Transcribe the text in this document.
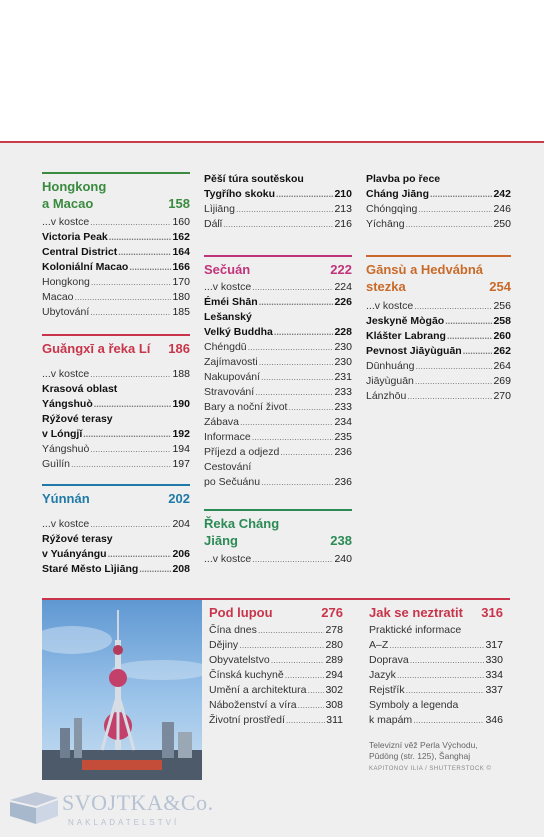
Hongkong
a Macao	158
...v kostce .....	160
Victoria Peak .....	162
Central District .....	164
Koloniální Macao .....	166
Hongkong .....	170
Macao .....	180
Ubytování .....	185
Guǎngxī a řeka Lí 186
...v kostce .....	188
Krasová oblast
Yángshuò .....	190
Rýžové terasy
v Lóngjǐ .....	192
Yángshuò .....	194
Guìlín .....	197
Yúnnán	202
...v kostce .....	204
Rýžové terasy
v Yuányángu .....	206
Staré Město Lìjiāng .....	208
Pěší túra soutěskou
Tygřího skoku .....	210
Lìjiāng .....	213
Dálǐ .....	216
Sečuán	222
...v kostce .....	224
Éméi Shān .....	226
Lešanský
Velký Buddha .....	228
Chéngdū .....	230
Zajímavosti .....	230
Nakupování .....	231
Stravování .....	233
Bary a noční život .....	233
Zábava .....	234
Informace .....	235
Příjezd a odjezd .....	236
Cestování
po Sečuánu .....	236
Řeka Cháng
Jiāng	238
...v kostce .....	240
Plavba po řece
Cháng Jiāng .....	242
Chóngqìng .....	246
Yíchāng .....	250
Gānsù a Hedvábná
stezka	254
...v kostce .....	256
Jeskyně Mògāo .....	258
Klášter Labrang .....	260
Pevnost Jiāyùguān .....	262
Dūnhuáng .....	264
Jiāyùguān .....	269
Lánzhōu .....	270
Pod lupou	276
Čína dnes .....	278
Dějiny .....	280
Obyvatelstvo .....	289
Čínská kuchyně .....	294
Umění a architektura ..... 302
Náboženství a víra .....	308
Životní prostředí .....	311
Jak se neztratit 316
Praktické informace
A–Z .....	317
Doprava .....	330
Jazyk .....	334
Rejstřík .....	337
Symboly a legenda
k mapám .....	346
Televizní věž Perla Východu,
Pǔdōng (str. 125), Šanghaj
KAPITONOV ILIA / SHUTTERSTOCK ©
SVOJTKA&Co.
NAKLADATELSTVÍ
